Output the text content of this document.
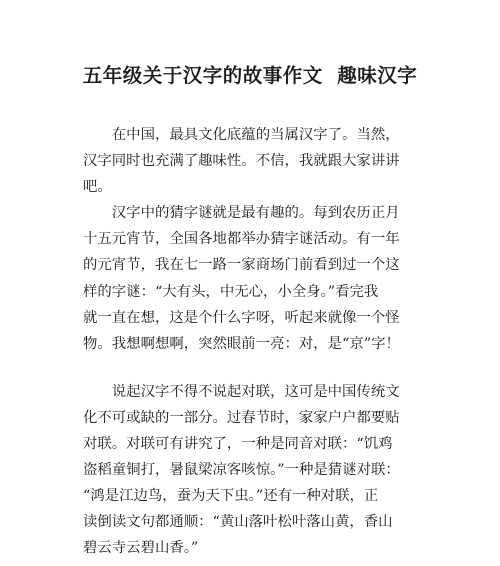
五年级关于汉字的故事作文  趣味汉字
　　在中国，最具文化底蕴的当属汉字了。当然，
汉字同时也充满了趣味性。不信，我就跟大家讲讲
吧。
　　汉字中的猜字谜就是最有趣的。每到农历正月
十五元宵节，全国各地都举办猜字谜活动。有一年
的元宵节，我在七一路一家商场门前看到过一个这
样的字谜：“大有头，中无心，小全身。”看完我
就一直在想，这是个什么字呀，听起来就像一个怪
物。我想啊想啊，突然眼前一亮：对，是“京”字！
　　说起汉字不得不说起对联，这可是中国传统文
化不可或缺的一部分。过春节时，家家户户都要贴
对联。对联可有讲究了，一种是同音对联：“饥鸡
盗稻童铜打，暑鼠梁凉客咳惊。”一种是猜谜对联：
“鸿是江边鸟，蚕为天下虫。”还有一种对联，正
读倒读文句都通顺：“黄山落叶松叶落山黄，香山
碧云寺云碧山香。”
